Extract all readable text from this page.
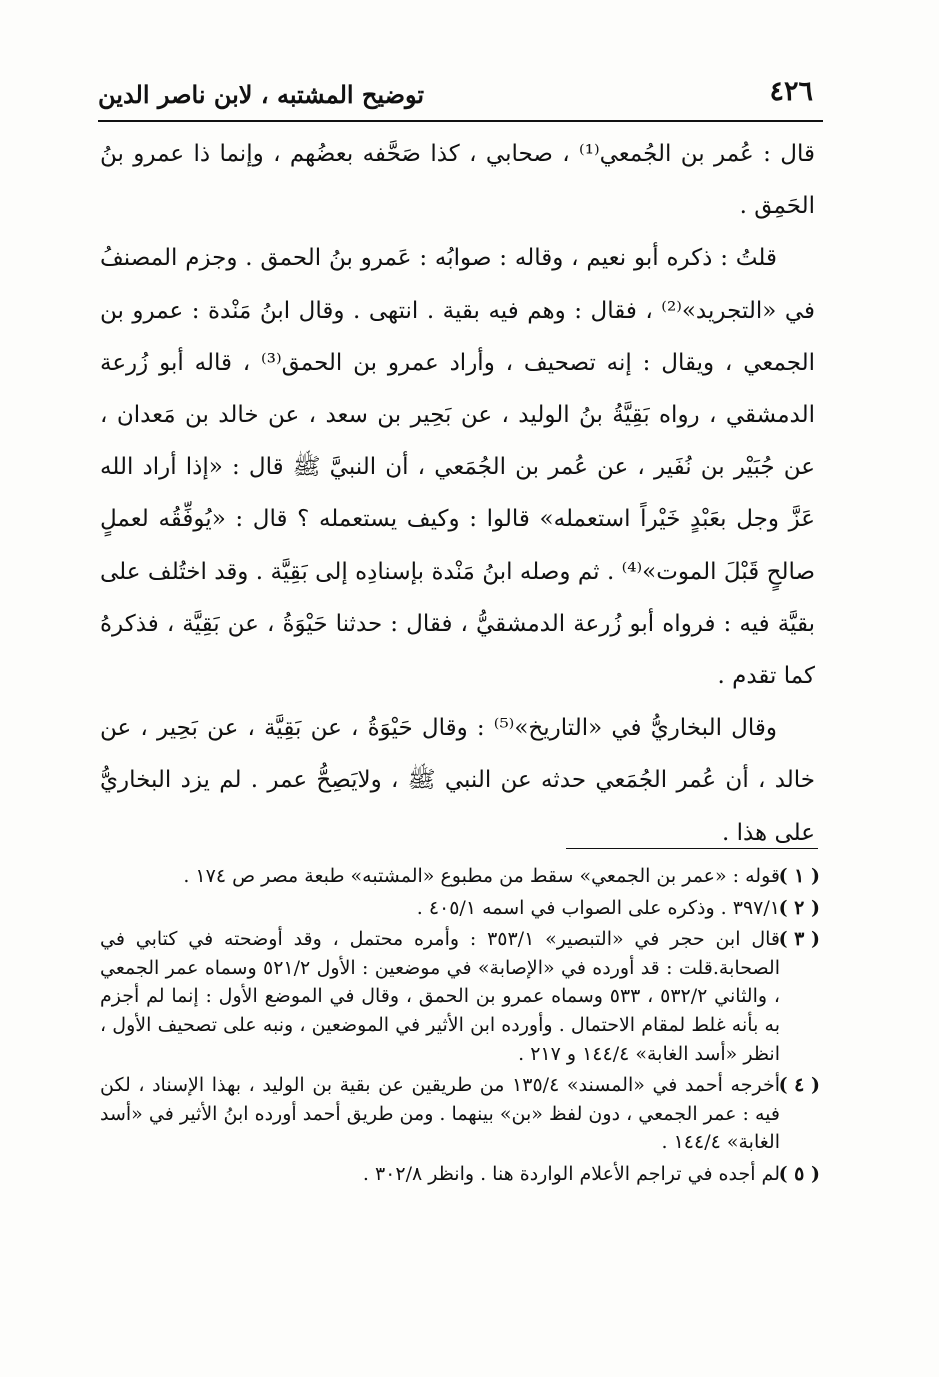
٤٢٦
توضيح المشتبه ، لابن ناصر الدين

قال : عُمر بن الجُمعي⁽¹⁾ ، صحابي ، كذا صَحَّفه بعضُهم ، وإنما ذا عمرو بنُ الحَمِق .

قلتُ : ذكره أبو نعيم ، وقاله : صوابُه : عَمرو بنُ الحمق . وجزم المصنفُ في «التجريد»⁽²⁾ ، فقال : وهم فيه بقية . انتهى . وقال ابنُ مَنْدة : عمرو بن الجمعي ، ويقال : إنه تصحيف ، وأراد عمرو بن الحمق⁽³⁾ ، قاله أبو زُرعة الدمشقي ، رواه بَقِيَّةُ بنُ الوليد ، عن بَحِير بن سعد ، عن خالد بن مَعدان ، عن جُبَيْر بن نُفَير ، عن عُمر بن الجُمَعي ، أن النبيَّ ﷺ قال : «إذا أراد الله عَزَّ وجل بعَبْدٍ خَيْراً استعمله» قالوا : وكيف يستعمله ؟ قال : «يُوفِّقُه لعملٍ صالحٍ قَبْلَ الموت»⁽⁴⁾ . ثم وصله ابنُ مَنْدة بإسنادِه إلى بَقِيَّة . وقد اختُلف على بقيَّة فيه : فرواه أبو زُرعة الدمشقيُّ ، فقال : حدثنا حَيْوَةُ ، عن بَقِيَّة ، فذكرهُ كما تقدم .

وقال البخاريُّ في «التاريخ»⁽⁵⁾ : وقال حَيْوَةُ ، عن بَقِيَّة ، عن بَحِير ، عن خالد ، أن عُمر الجُمَعي حدثه عن النبي ﷺ ، ولايَصِحُّ عمر . لم يزد البخاريُّ على هذا .

( ١ )
قوله : «عمر بن الجمعي» سقط من مطبوع «المشتبه» طبعة مصر ص ١٧٤ .
( ٢ )
٣٩٧/١ . وذكره على الصواب في اسمه ٤٠٥/١ .
( ٣ )
قال ابن حجر في «التبصير» ٣٥٣/١ : وأمره محتمل ، وقد أوضحته في كتابي في الصحابة.قلت : قد أورده في «الإصابة» في موضعين : الأول ٥٢١/٢ وسماه عمر الجمعي ، والثاني ٥٣٢/٢ ، ٥٣٣ وسماه عمرو بن الحمق ، وقال في الموضع الأول : إنما لم أجزم به بأنه غلط لمقام الاحتمال . وأورده ابن الأثير في الموضعين ، ونبه على تصحيف الأول ، انظر «أسد الغابة» ١٤٤/٤ و ٢١٧ .
( ٤ )
أخرجه أحمد في «المسند» ١٣٥/٤ من طريقين عن بقية بن الوليد ، بهذا الإسناد ، لكن فيه : عمر الجمعي ، دون لفظ «بن» بينهما . ومن طريق أحمد أورده ابنُ الأثير في «أسد الغابة» ١٤٤/٤ .
( ٥ )
لم أجده في تراجم الأعلام الواردة هنا . وانظر ٣٠٢/٨ .
